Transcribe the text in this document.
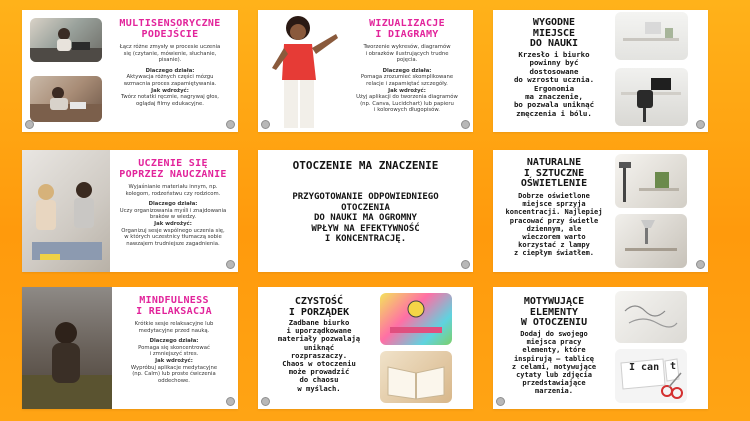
MULTISENSORYCZNE
PODEJŚCIE
Łącz różne zmysły w procesie uczenia
się (czytanie, mówienie, słuchanie,
pisanie).
Dlaczego działa:
Aktywacja różnych części mózgu
wzmacnia proces zapamiętywania.
Jak wdrożyć:
Twórz notatki ręcznie, nagrywaj głos,
oglądaj filmy edukacyjne.
WIZUALIZACJE
I DIAGRAMY
Tworzenie wykresów, diagramów
i obrazków ilustrujących trudne
pojęcia.
Dlaczego działa:
Pomaga zrozumieć skomplikowane
relacje i zapamiętać szczegóły.
Jak wdrożyć:
Użyj aplikacji do tworzenia diagramów
(np. Canva, Lucidchart) lub papieru
i kolorowych długopisów.
WYGODNE
MIEJSCE
DO NAUKI
Krzesło i biurko
powinny być
dostosowane
do wzrostu ucznia.
Ergonomia
ma znaczenie,
bo pozwala uniknąć
zmęczenia i bólu.
UCZENIE SIĘ
POPRZEZ NAUCZANIE
Wyjaśnianie materiału innym, np.
kolegom, rodzeństwu czy rodzicom.
Dlaczego działa:
Uczy organizowania myśli i znajdowania
braków w wiedzy.
Jak wdrożyć:
Organizuj sesje wspólnego uczenia się,
w których uczestnicy tłumaczą sobie
nawzajem trudniejsze zagadnienia.
OTOCZENIE MA ZNACZENIE
PRZYGOTOWANIE ODPOWIEDNIEGO
OTOCZENIA
DO NAUKI MA OGROMNY
WPŁYW NA EFEKTYWNOŚĆ
I KONCENTRACJĘ.
NATURALNE
I SZTUCZNE
OŚWIETLENIE
Dobrze oświetlone
miejsce sprzyja
koncentracji. Najlepiej
pracować przy świetle
dziennym, ale
wieczorem warto
korzystać z lampy
z ciepłym światłem.
MINDFULNESS
I RELAKSACJA
Krótkie sesje relaksacyjne lub
medytacyjne przed nauką.
Dlaczego działa:
Pomaga się skoncentrować
i zmniejszyć stres.
Jak wdrożyć:
Wypróbuj aplikacje medytacyjne
(np. Calm) lub proste ćwiczenia
oddechowe.
CZYSTOŚĆ
I PORZĄDEK
Zadbane biurko
i uporządkowane
materiały pozwalają
uniknąć
rozpraszaczy.
Chaos w otoczeniu
może prowadzić
do chaosu
w myślach.
MOTYWUJĄCE
ELEMENTY
W OTOCZENIU
Dodaj do swojego
miejsca pracy
elementy, które
inspirują – tablicę
z celami, motywujące
cytaty lub zdjęcia
przedstawiające
marzenia.
I can t
